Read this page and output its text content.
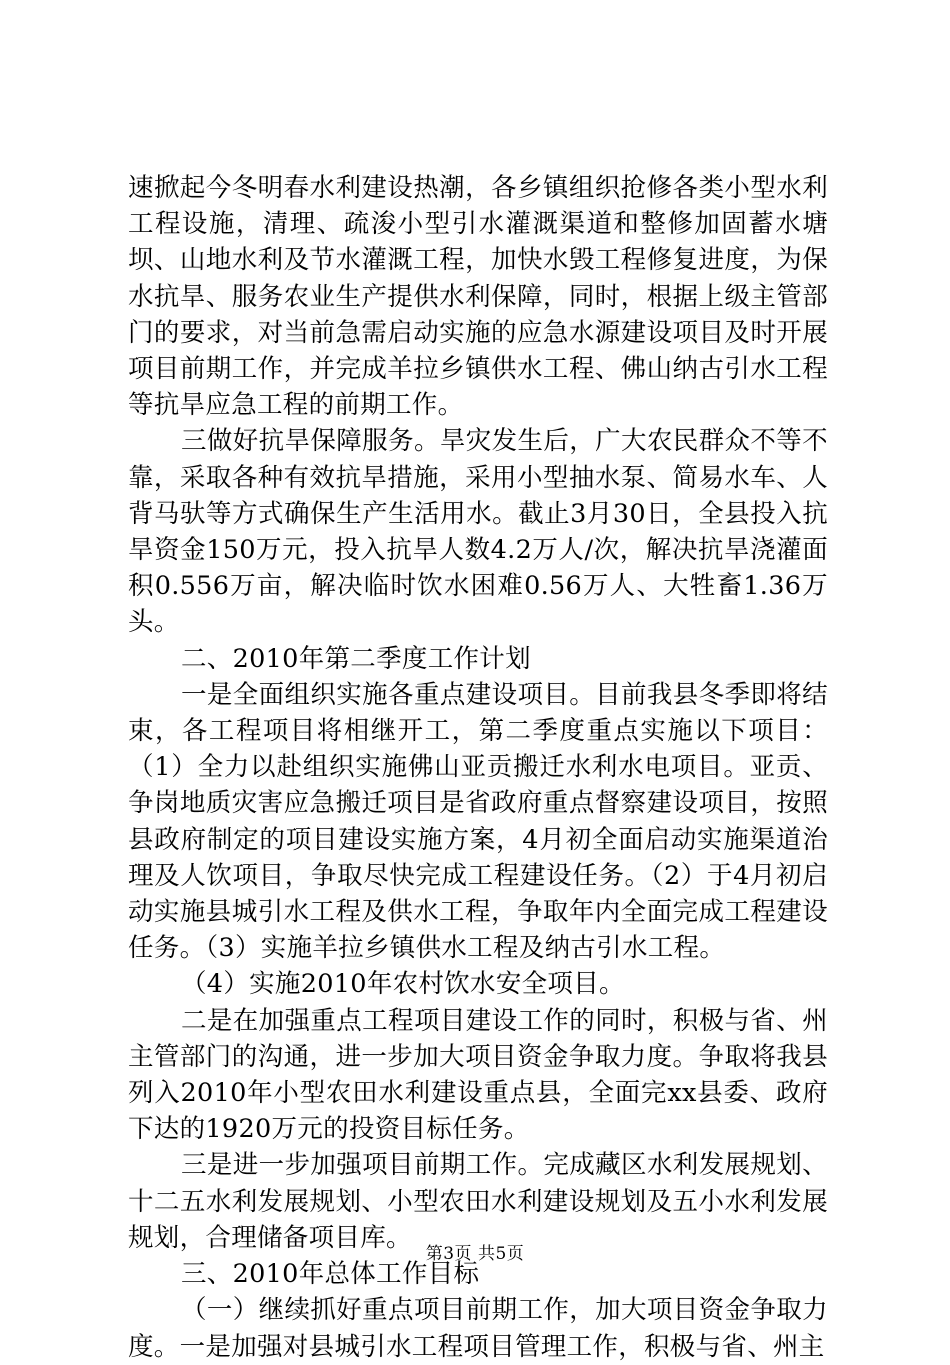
速掀起今冬明春水利建设热潮，各乡镇组织抢修各类小型水利工程设施，清理、疏浚小型引水灌溉渠道和整修加固蓄水塘坝、山地水利及节水灌溉工程，加快水毁工程修复进度，为保水抗旱、服务农业生产提供水利保障，同时，根据上级主管部门的要求，对当前急需启动实施的应急水源建设项目及时开展项目前期工作，并完成羊拉乡镇供水工程、佛山纳古引水工程等抗旱应急工程的前期工作。

三做好抗旱保障服务。旱灾发生后，广大农民群众不等不靠，采取各种有效抗旱措施，采用小型抽水泵、简易水车、人背马驮等方式确保生产生活用水。截止3月30日，全县投入抗旱资金150万元，投入抗旱人数4.2万人/次，解决抗旱浇灌面积0.556万亩，解决临时饮水困难0.56万人、大牲畜1.36万头。

二、2010年第二季度工作计划

一是全面组织实施各重点建设项目。目前我县冬季即将结束，各工程项目将相继开工，第二季度重点实施以下项目：（1）全力以赴组织实施佛山亚贡搬迁水利水电项目。亚贡、争岗地质灾害应急搬迁项目是省政府重点督察建设项目，按照县政府制定的项目建设实施方案，4月初全面启动实施渠道治理及人饮项目，争取尽快完成工程建设任务。（2）于4月初启动实施县城引水工程及供水工程，争取年内全面完成工程建设任务。（3）实施羊拉乡镇供水工程及纳古引水工程。

（4）实施2010年农村饮水安全项目。

二是在加强重点工程项目建设工作的同时，积极与省、州主管部门的沟通，进一步加大项目资金争取力度。争取将我县列入2010年小型农田水利建设重点县，全面完xx县委、政府下达的1920万元的投资目标任务。

三是进一步加强项目前期工作。完成藏区水利发展规划、十二五水利发展规划、小型农田水利建设规划及五小水利发展规划，合理储备项目库。

三、2010年总体工作目标

（一）继续抓好重点项目前期工作，加大项目资金争取力度。一是加强对县城引水工程项目管理工作，积极与省、州主

第3页 共5页
